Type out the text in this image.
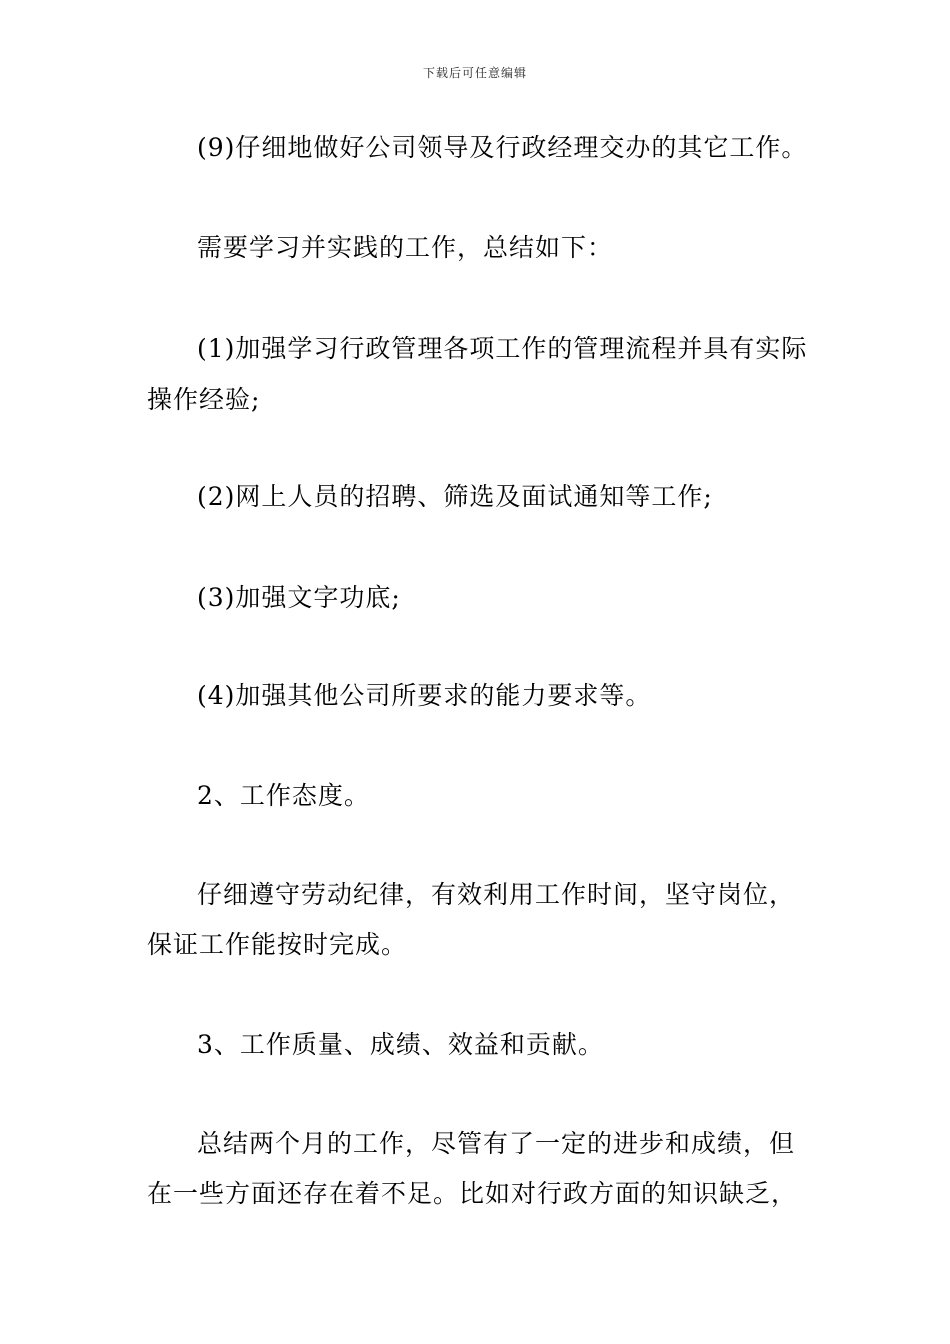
下载后可任意编辑
(9)仔细地做好公司领导及行政经理交办的其它工作。
需要学习并实践的工作，总结如下：
(1)加强学习行政管理各项工作的管理流程并具有实际
操作经验;
(2)网上人员的招聘、筛选及面试通知等工作;
(3)加强文字功底;
(4)加强其他公司所要求的能力要求等。
2、工作态度。
仔细遵守劳动纪律，有效利用工作时间，坚守岗位，
保证工作能按时完成。
3、工作质量、成绩、效益和贡献。
总结两个月的工作，尽管有了一定的进步和成绩，但
在一些方面还存在着不足。比如对行政方面的知识缺乏，
